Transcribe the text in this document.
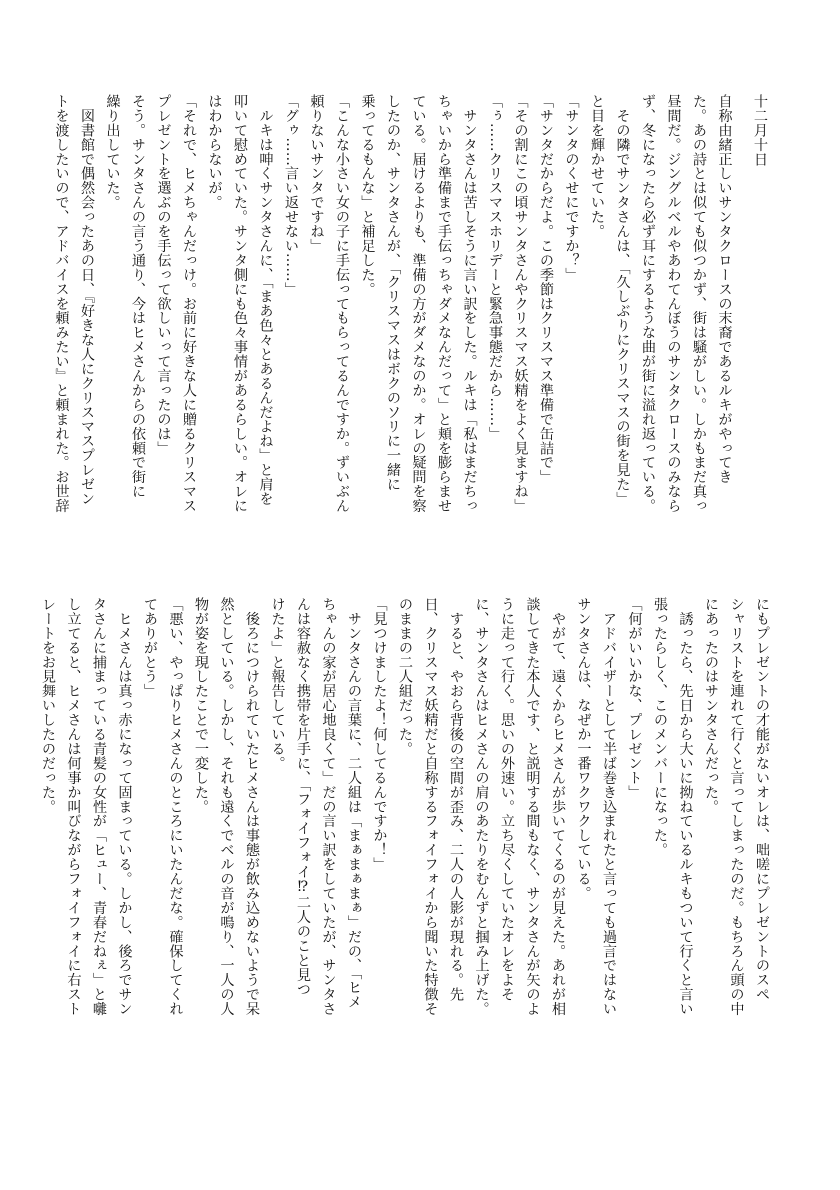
十二月十日
自称由緒正しいサンタクロースの末裔であるルキがやってき
た。あの詩とは似ても似つかず、街は騒がしい。しかもまだ真っ
昼間だ。ジングルベルやあわてんぼうのサンタクロースのみなら
ず、冬になったら必ず耳にするような曲が街に溢れ返っている。
　その隣でサンタさんは、「久しぶりにクリスマスの街を見た」
と目を輝かせていた。
「サンタのくせにですか？」
「サンタだからだよ。この季節はクリスマス準備で缶詰で」
「その割にこの頃サンタさんやクリスマス妖精をよく見ますね」
「ぅ……クリスマスホリデーと緊急事態だから……」
　サンタさんは苦しそうに言い訳をした。ルキは「私はまだちっ
ちゃいから準備まで手伝っちゃダメなんだって」と頬を膨らませ
ている。届けるよりも、準備の方がダメなのか。オレの疑問を察
したのか、サンタさんが、「クリスマスはボクのソリに一緒に
乗ってるもんな」と補足した。
「こんな小さい女の子に手伝ってもらってるんですか。ずいぶん
頼りないサンタですね」
「グゥ……言い返せない……」
　ルキは呻くサンタさんに、「まあ色々とあるんだよね」と肩を
叩いて慰めていた。サンタ側にも色々事情があるらしい。オレに
はわからないが。
「それで、ヒメちゃんだっけ。お前に好きな人に贈るクリスマス
プレゼントを選ぶのを手伝って欲しいって言ったのは」
そう。サンタさんの言う通り、今はヒメさんからの依頼で街に
繰り出していた。
　図書館で偶然会ったあの日、『好きな人にクリスマスプレゼン
トを渡したいので、アドバイスを頼みたい』と頼まれた。お世辞
にもプレゼントの才能がないオレは、咄嗟にプレゼントのスペ
シャリストを連れて行くと言ってしまったのだ。もちろん頭の中
にあったのはサンタさんだった。
　誘ったら、先日から大いに拗ねているルキもついて行くと言い
張ったらしく、このメンバーになった。
「何がいいかな、プレゼント」
　アドバイザーとして半ば巻き込まれたと言っても過言ではない
サンタさんは、なぜか一番ワクワクしている。
　やがて、遠くからヒメさんが歩いてくるのが見えた。あれが相
談してきた本人です、と説明する間もなく、サンタさんが矢のよ
うに走って行く。思いの外速い。立ち尽くしていたオレをよそ
に、サンタさんはヒメさんの肩のあたりをむんずと掴み上げた。
　すると、やおら背後の空間が歪み、二人の人影が現れる。先
日、クリスマス妖精だと自称するフォイフォイから聞いた特徴そ
のままの二人組だった。
「見つけましたよ！何してるんですか！」
　サンタさんの言葉に、二人組は「まぁまぁまぁ」だの、「ヒメ
ちゃんの家が居心地良くて」だの言い訳をしていたが、サンタさ
んは容赦なく携帯を片手に、「フォイフォイ⁉二人のこと見つ
けたよ」と報告している。
　後ろにつけられていたヒメさんは事態が飲み込めないようで呆
然としている。しかし、それも遠くでベルの音が鳴り、一人の人
物が姿を現したことで一変した。
「悪い、やっぱりヒメさんのところにいたんだな。確保してくれ
てありがとう」
　ヒメさんは真っ赤になって固まっている。しかし、後ろでサン
タさんに捕まっている青髪の女性が「ヒュー、青春だねぇ」と囃
し立てると、ヒメさんは何事か叫びながらフォイフォイに右スト
レートをお見舞いしたのだった。
